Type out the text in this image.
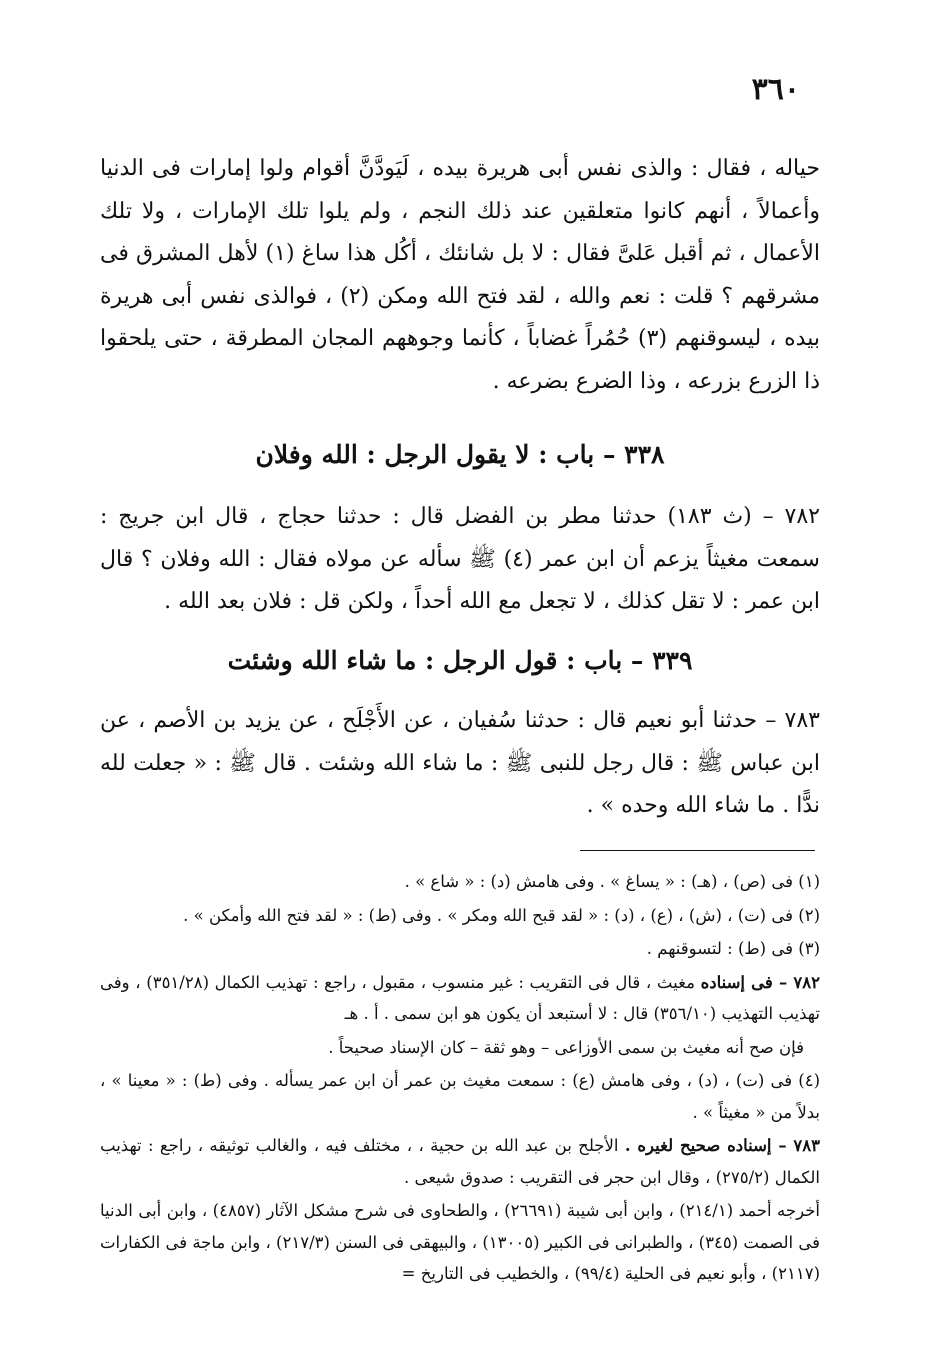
٣٦٠

حياله ، فقال : والذى نفس أبى هريرة بيده ، لَيَودَّنَّ أقوام ولوا إمارات فى الدنيا وأعمالاً ، أنهم كانوا متعلقين عند ذلك النجم ، ولم يلوا تلك الإمارات ، ولا تلك الأعمال ، ثم أقبل عَلىَّ فقال : لا بل شانئك ، أكُل هذا ساغ (١) لأهل المشرق فى مشرقهم ؟ قلت : نعم والله ، لقد فتح الله ومكن (٢) ، فوالذى نفس أبى هريرة بيده ، ليسوقنهم (٣) حُمُراً غضاباً ، كأنما وجوههم المجان المطرقة ، حتى يلحقوا ذا الزرع بزرعه ، وذا الضرع بضرعه .

٣٣٨ – باب : لا يقول الرجل : الله وفلان

٧٨٢ – (ث ١٨٣) حدثنا مطر بن الفضل قال : حدثنا حجاج ، قال ابن جريج : سمعت مغيثاً يزعم أن ابن عمر (٤) ﷺ سأله عن مولاه فقال : الله وفلان ؟ قال ابن عمر : لا تقل كذلك ، لا تجعل مع الله أحداً ، ولكن قل : فلان بعد الله .

٣٣٩ – باب : قول الرجل : ما شاء الله وشئت

٧٨٣ – حدثنا أبو نعيم قال : حدثنا سُفيان ، عن الأَجْلَح ، عن يزيد بن الأصم ، عن ابن عباس ﷺ : قال رجل للنبى ﷺ : ما شاء الله وشئت . قال ﷺ : « جعلت لله ندًّا . ما شاء الله وحده » .

(١) فى (ص) ، (هـ) : « يساغ » . وفى هامش (د) : « شاع » .

(٢) فى (ت) ، (ش) ، (ع) ، (د) : « لقد قبح الله ومكر » . وفى (ط) : « لقد فتح الله وأمكن » .

(٣) فى (ط) : لتسوقنهم .

٧٨٢ – فى إسناده مغيث ، قال فى التقريب : غير منسوب ، مقبول ، راجع : تهذيب الكمال (٣٥١/٢٨) ، وفى تهذيب التهذيب (٣٥٦/١٠) قال : لا أستبعد أن يكون هو ابن سمى . أ . هـ

فإن صح أنه مغيث بن سمى الأوزاعى – وهو ثقة – كان الإسناد صحيحاً .

(٤) فى (ت) ، (د) ، وفى هامش (ع) : سمعت مغيث بن عمر أن ابن عمر يسأله . وفى (ط) : « معينا » ، بدلاً من « مغيثاً » .

٧٨٣ – إسناده صحيح لغيره . الأجلح بن عبد الله بن حجية ، ، مختلف فيه ، والغالب توثيقه ، راجع : تهذيب الكمال (٢٧٥/٢) ، وقال ابن حجر فى التقريب : صدوق شيعى .

أخرجه أحمد (٢١٤/١) ، وابن أبى شيبة (٢٦٦٩١) ، والطحاوى فى شرح مشكل الآثار (٤٨٥٧) ، وابن أبى الدنيا فى الصمت (٣٤٥) ، والطبرانى فى الكبير (١٣٠٠٥) ، والبيهقى فى السنن (٢١٧/٣) ، وابن ماجة فى الكفارات (٢١١٧) ، وأبو نعيم فى الحلية (٩٩/٤) ، والخطيب فى التاريخ =
